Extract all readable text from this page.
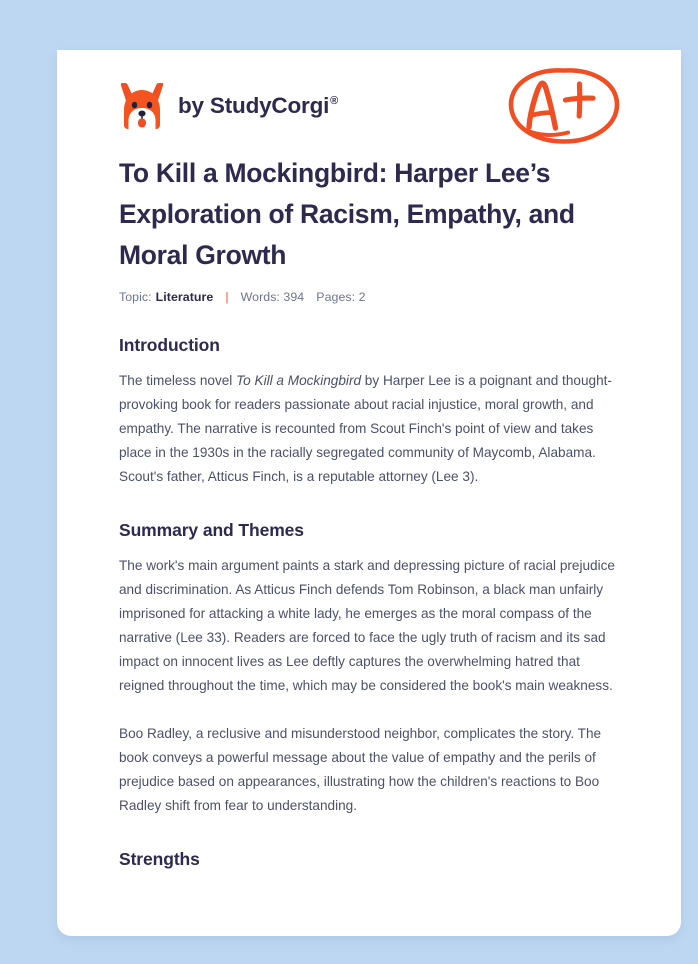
by StudyCorgi®
To Kill a Mockingbird: Harper Lee’s Exploration of Racism, Empathy, and Moral Growth
Topic: Literature | Words: 394 Pages: 2
Introduction

The timeless novel To Kill a Mockingbird by Harper Lee is a poignant and thought-provoking book for readers passionate about racial injustice, moral growth, and empathy. The narrative is recounted from Scout Finch's point of view and takes place in the 1930s in the racially segregated community of Maycomb, Alabama. Scout's father, Atticus Finch, is a reputable attorney (Lee 3).

Summary and Themes

The work's main argument paints a stark and depressing picture of racial prejudice and discrimination. As Atticus Finch defends Tom Robinson, a black man unfairly imprisoned for attacking a white lady, he emerges as the moral compass of the narrative (Lee 33). Readers are forced to face the ugly truth of racism and its sad impact on innocent lives as Lee deftly captures the overwhelming hatred that reigned throughout the time, which may be considered the book's main weakness.

Boo Radley, a reclusive and misunderstood neighbor, complicates the story. The book conveys a powerful message about the value of empathy and the perils of prejudice based on appearances, illustrating how the children's reactions to Boo Radley shift from fear to understanding.

Strengths
